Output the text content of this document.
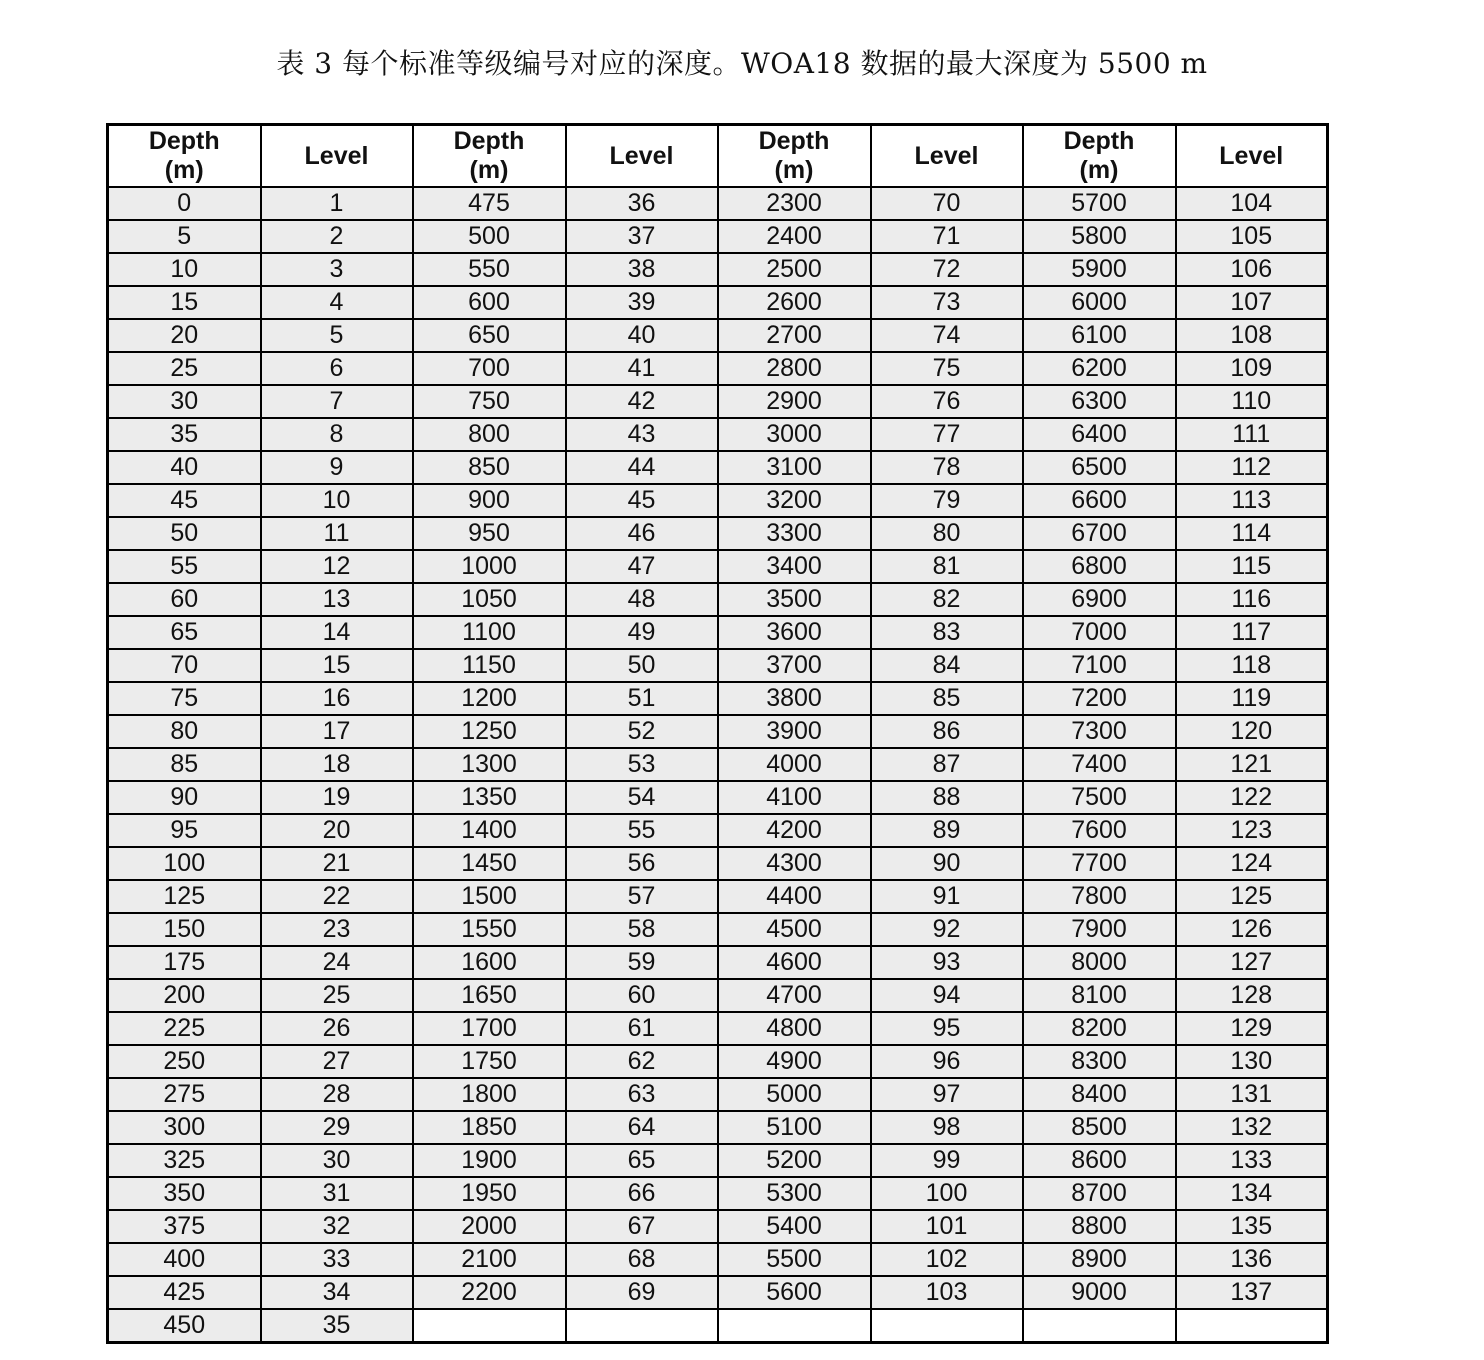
表 3 每个标准等级编号对应的深度。WOA18 数据的最大深度为 5500 m
Depth
(m)	Level	Depth
(m)	Level	Depth
(m)	Level	Depth
(m)	Level
0	1	475	36	2300	70	5700	104
5	2	500	37	2400	71	5800	105
10	3	550	38	2500	72	5900	106
15	4	600	39	2600	73	6000	107
20	5	650	40	2700	74	6100	108
25	6	700	41	2800	75	6200	109
30	7	750	42	2900	76	6300	110
35	8	800	43	3000	77	6400	111
40	9	850	44	3100	78	6500	112
45	10	900	45	3200	79	6600	113
50	11	950	46	3300	80	6700	114
55	12	1000	47	3400	81	6800	115
60	13	1050	48	3500	82	6900	116
65	14	1100	49	3600	83	7000	117
70	15	1150	50	3700	84	7100	118
75	16	1200	51	3800	85	7200	119
80	17	1250	52	3900	86	7300	120
85	18	1300	53	4000	87	7400	121
90	19	1350	54	4100	88	7500	122
95	20	1400	55	4200	89	7600	123
100	21	1450	56	4300	90	7700	124
125	22	1500	57	4400	91	7800	125
150	23	1550	58	4500	92	7900	126
175	24	1600	59	4600	93	8000	127
200	25	1650	60	4700	94	8100	128
225	26	1700	61	4800	95	8200	129
250	27	1750	62	4900	96	8300	130
275	28	1800	63	5000	97	8400	131
300	29	1850	64	5100	98	8500	132
325	30	1900	65	5200	99	8600	133
350	31	1950	66	5300	100	8700	134
375	32	2000	67	5400	101	8800	135
400	33	2100	68	5500	102	8900	136
425	34	2200	69	5600	103	9000	137
450	35						
